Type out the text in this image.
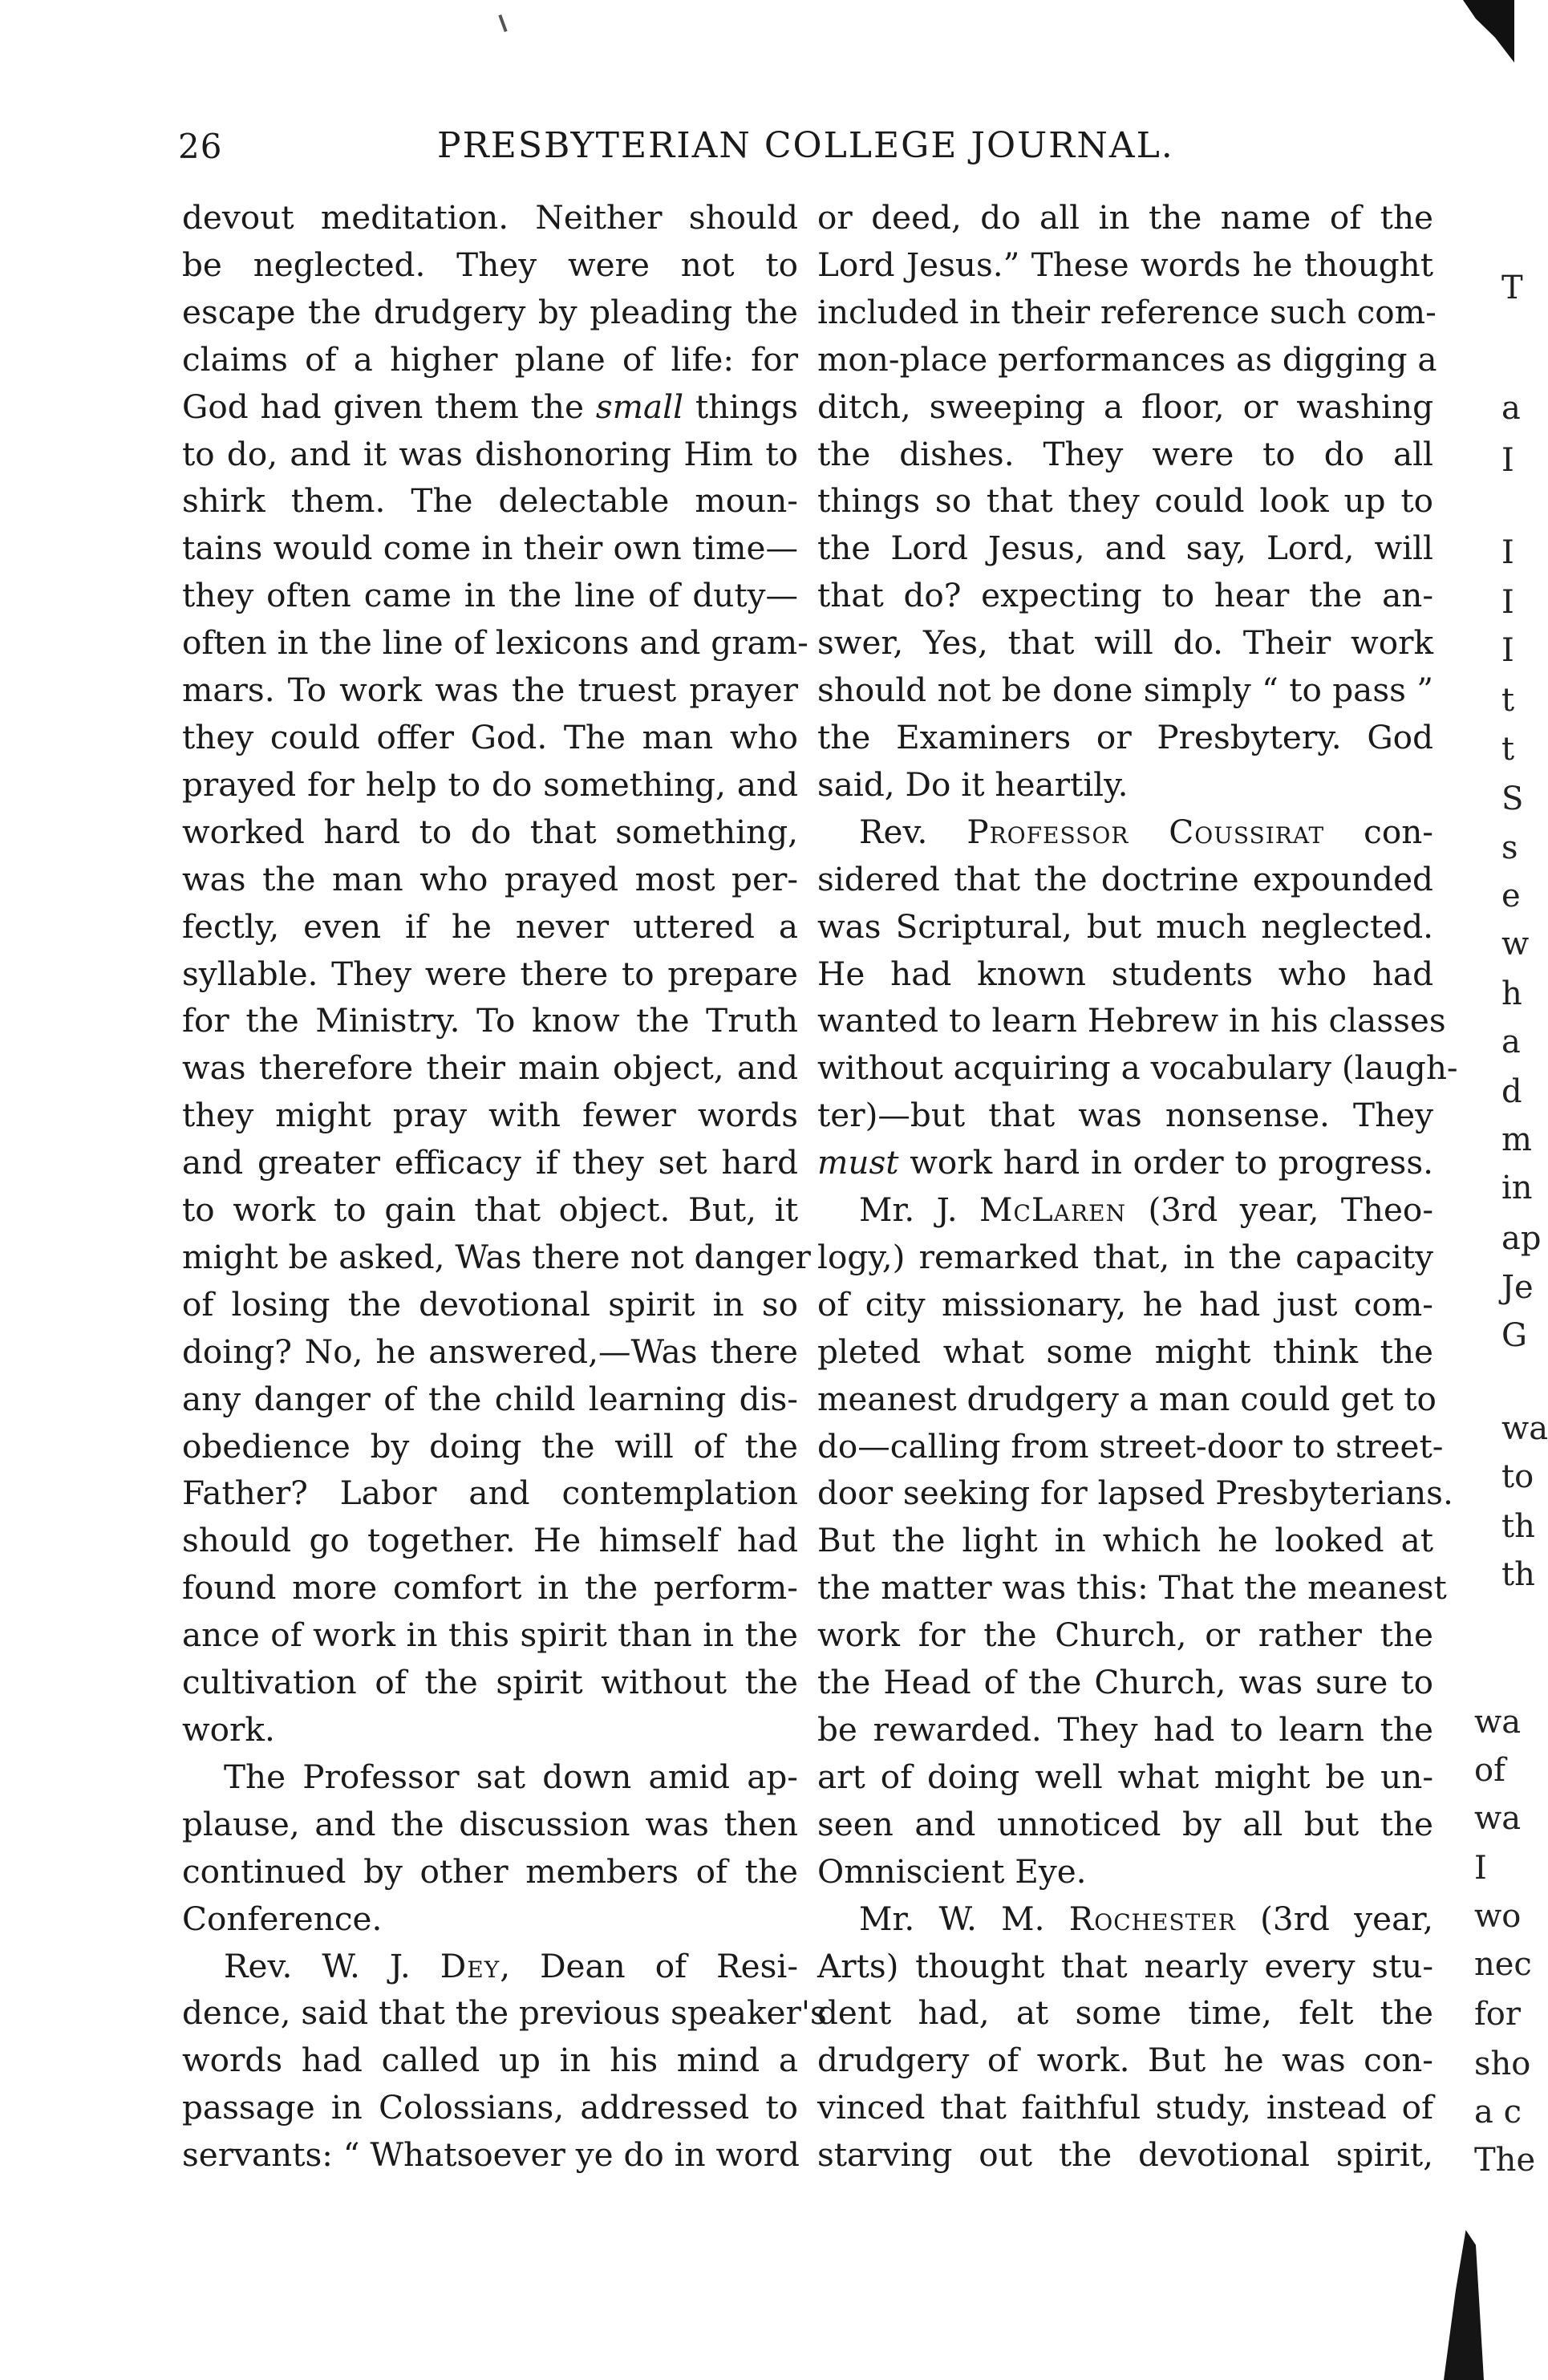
26	PRESBYTERIAN COLLEGE JOURNAL.

devout meditation. Neither should
be neglected. They were not to
escape the drudgery by pleading the
claims of a higher plane of life: for
God had given them the small things
to do, and it was dishonoring Him to
shirk them. The delectable moun-
tains would come in their own time—
they often came in the line of duty—
often in the line of lexicons and gram-
mars. To work was the truest prayer
they could offer God. The man who
prayed for help to do something, and
worked hard to do that something,
was the man who prayed most per-
fectly, even if he never uttered a
syllable. They were there to prepare
for the Ministry. To know the Truth
was therefore their main object, and
they might pray with fewer words
and greater efficacy if they set hard
to work to gain that object. But, it
might be asked, Was there not danger
of losing the devotional spirit in so
doing? No, he answered,—Was there
any danger of the child learning dis-
obedience by doing the will of the
Father? Labor and contemplation
should go together. He himself had
found more comfort in the perform-
ance of work in this spirit than in the
cultivation of the spirit without the
work.

The Professor sat down amid ap-
plause, and the discussion was then
continued by other members of the
Conference.

Rev. W. J. Dey, Dean of Resi-
dence, said that the previous speaker's
words had called up in his mind a
passage in Colossians, addressed to
servants: “ Whatsoever ye do in word

or deed, do all in the name of the
Lord Jesus.” These words he thought
included in their reference such com-
mon-place performances as digging a
ditch, sweeping a floor, or washing
the dishes. They were to do all
things so that they could look up to
the Lord Jesus, and say, Lord, will
that do? expecting to hear the an-
swer, Yes, that will do. Their work
should not be done simply “ to pass ”
the Examiners or Presbytery. God
said, Do it heartily.

Rev. Professor Coussirat con-
sidered that the doctrine expounded
was Scriptural, but much neglected.
He had known students who had
wanted to learn Hebrew in his classes
without acquiring a vocabulary (laugh-
ter)—but that was nonsense. They
must work hard in order to progress.

Mr. J. McLaren (3rd year, Theo-
logy,) remarked that, in the capacity
of city missionary, he had just com-
pleted what some might think the
meanest drudgery a man could get to
do—calling from street-door to street-
door seeking for lapsed Presbyterians.
But the light in which he looked at
the matter was this: That the meanest
work for the Church, or rather the
the Head of the Church, was sure to
be rewarded. They had to learn the
art of doing well what might be un-
seen and unnoticed by all but the
Omniscient Eye.

Mr. W. M. Rochester (3rd year,
Arts) thought that nearly every stu-
dent had, at some time, felt the
drudgery of work. But he was con-
vinced that faithful study, instead of
starving out the devotional spirit,

T
a
I
I
I
I
t
t
S
s
e
w
h
a
d
m
in
ap
Je
G
wa
to
th
th
wa
of
wa
I
wo
nec
for
sho
a c
The
